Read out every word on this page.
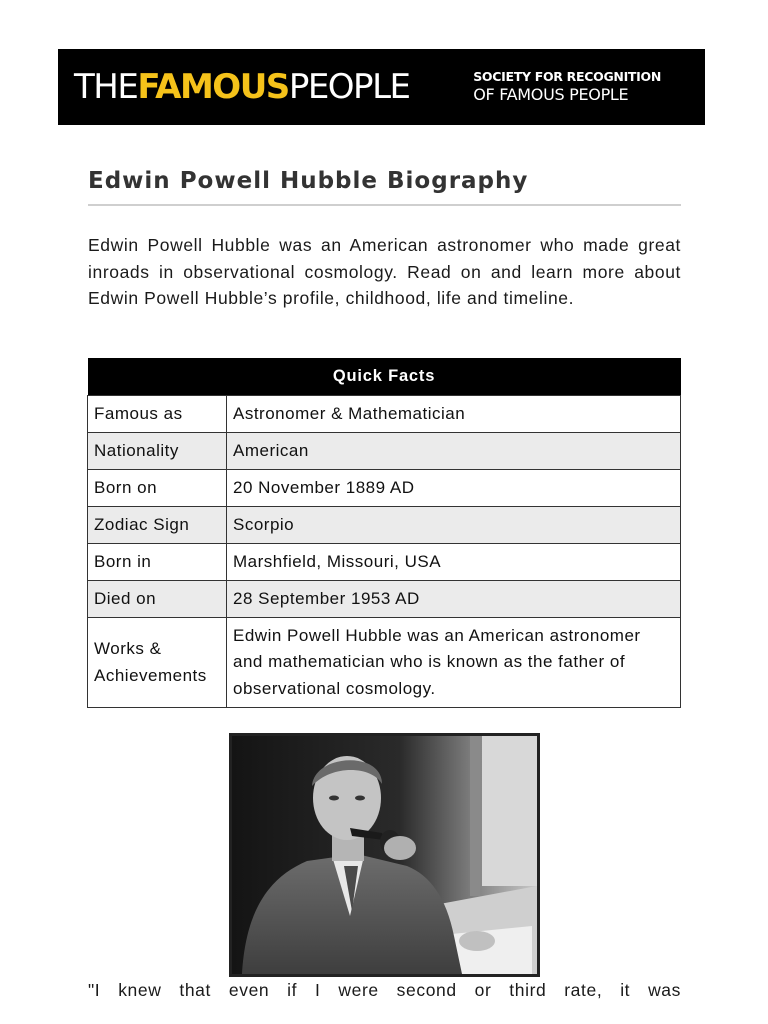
THEFAMOUSPEOPLE	SOCIETY FOR RECOGNITION
OF FAMOUS PEOPLE
Edwin Powell Hubble Biography

Edwin Powell Hubble was an American astronomer who made great inroads in observational cosmology. Read on and learn more about Edwin Powell Hubble’s profile, childhood, life and timeline.

Quick Facts	
Famous as	Astronomer & Mathematician
Nationality	American
Born on	20 November 1889 AD
Zodiac Sign	Scorpio
Born in	Marshfield, Missouri, USA
Died on	28 September 1953 AD
Works & Achievements	Edwin Powell Hubble was an American astronomer and mathematician who is known as the father of observational cosmology.

"I knew that even if I were second or third rate, it was
